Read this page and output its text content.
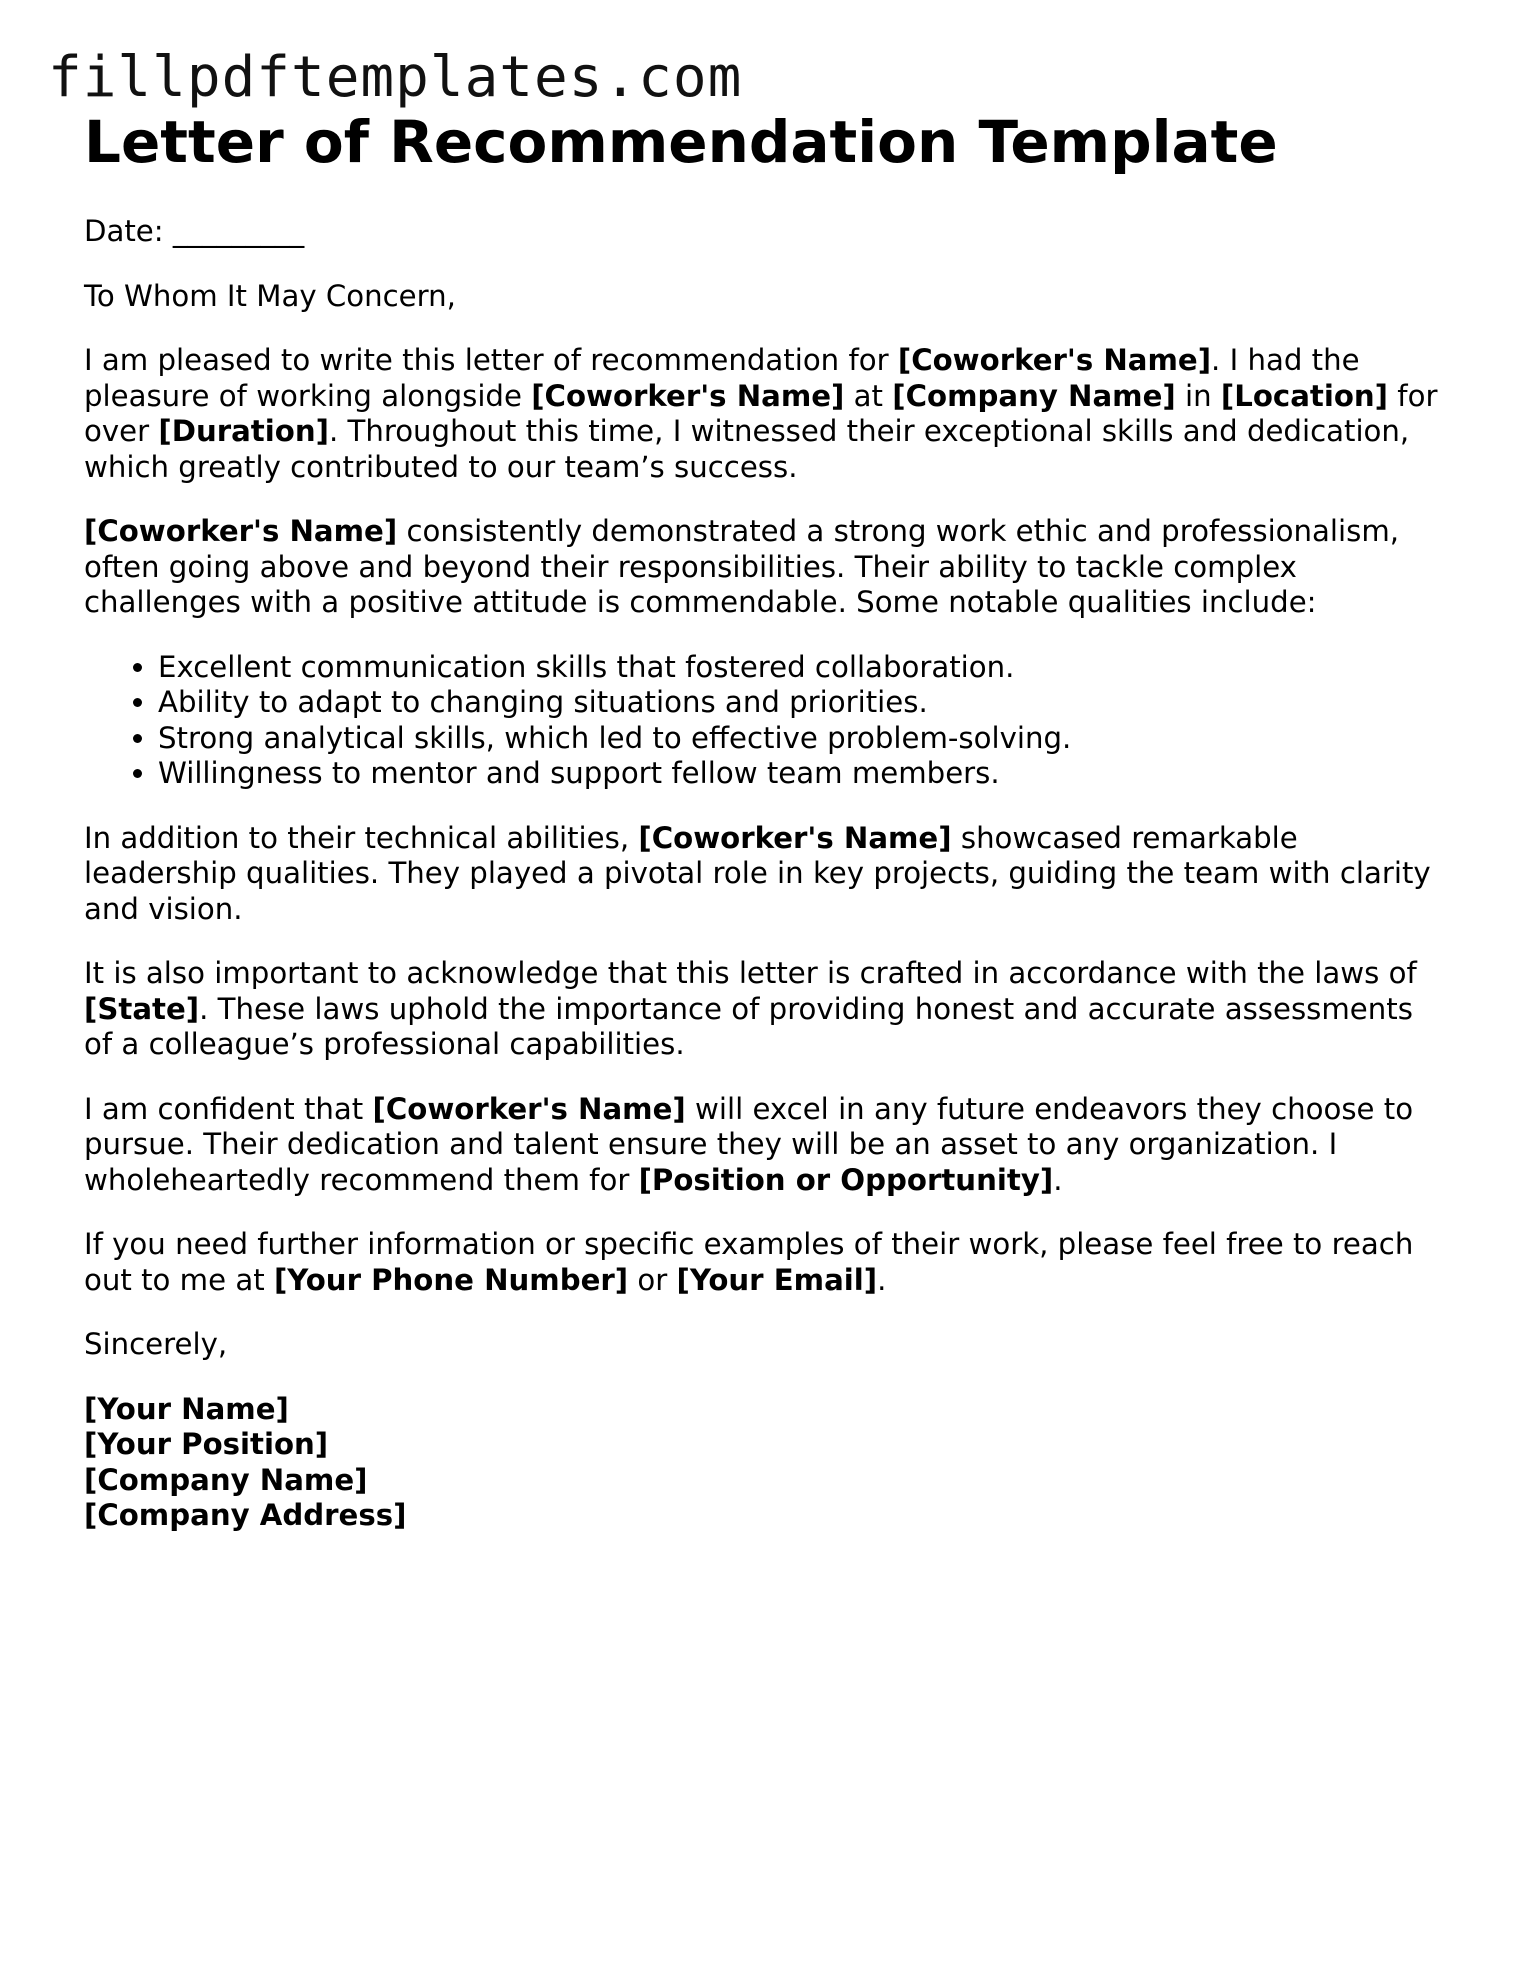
fillpdftemplates.com
Letter of Recommendation Template

Date: _________

To Whom It May Concern,

I am pleased to write this letter of recommendation for [Coworker's Name]. I had the pleasure of working alongside [Coworker's Name] at [Company Name] in [Location] for over [Duration]. Throughout this time, I witnessed their exceptional skills and dedication, which greatly contributed to our team’s success.

[Coworker's Name] consistently demonstrated a strong work ethic and professionalism, often going above and beyond their responsibilities. Their ability to tackle complex challenges with a positive attitude is commendable. Some notable qualities include:

• Excellent communication skills that fostered collaboration.
• Ability to adapt to changing situations and priorities.
• Strong analytical skills, which led to effective problem-solving.
• Willingness to mentor and support fellow team members.

In addition to their technical abilities, [Coworker's Name] showcased remarkable leadership qualities. They played a pivotal role in key projects, guiding the team with clarity and vision.

It is also important to acknowledge that this letter is crafted in accordance with the laws of [State]. These laws uphold the importance of providing honest and accurate assessments of a colleague’s professional capabilities.

I am confident that [Coworker's Name] will excel in any future endeavors they choose to pursue. Their dedication and talent ensure they will be an asset to any organization. I wholeheartedly recommend them for [Position or Opportunity].

If you need further information or specific examples of their work, please feel free to reach out to me at [Your Phone Number] or [Your Email].

Sincerely,

[Your Name]
[Your Position]
[Company Name]
[Company Address]
